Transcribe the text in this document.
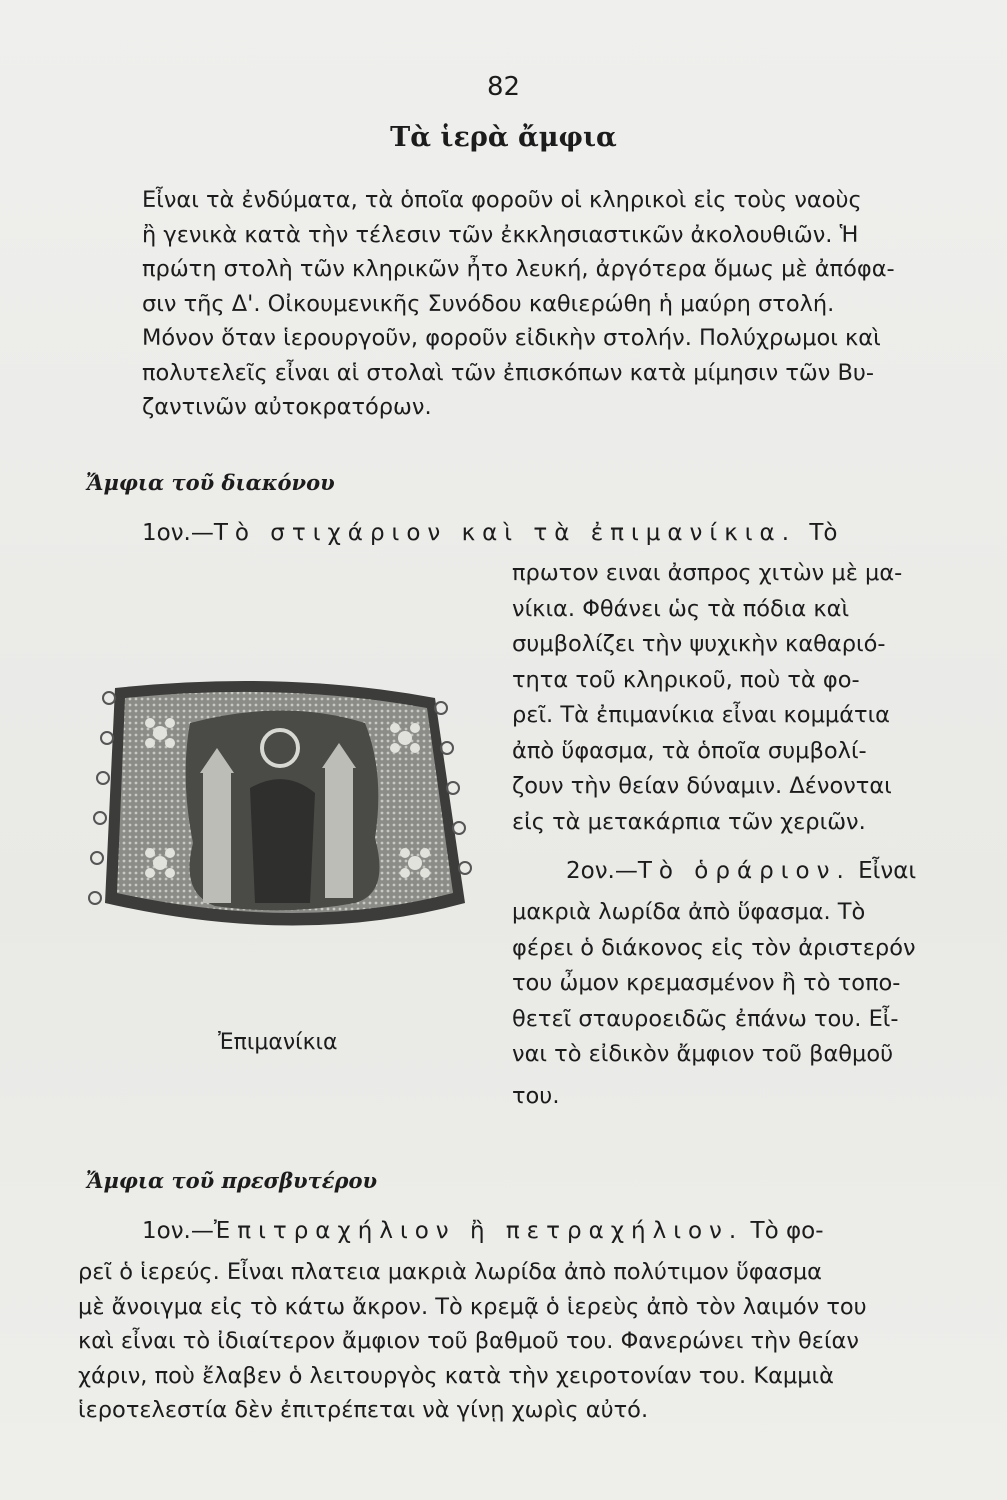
82
Τὰ ἱερὰ ἄμφια

Εἶναι τὰ ἐνδύματα, τὰ ὁποῖα φοροῦν οἱ κληρικοὶ εἰς τοὺς ναοὺς

ἢ γενικὰ κατὰ τὴν τέλεσιν τῶν ἐκκλησιαστικῶν ἀκολουθιῶν. Ἡ

πρώτη στολὴ τῶν κληρικῶν ἦτο λευκή, ἀργότερα ὅμως μὲ ἀπόφα-

σιν τῆς Δ'. Οἰκουμενικῆς Συνόδου καθιερώθη ἡ μαύρη στολή.

Μόνον ὅταν ἱερουργοῦν, φοροῦν εἰδικὴν στολήν. Πολύχρωμοι καὶ

πολυτελεῖς εἶναι αἱ στολαὶ τῶν ἐπισκόπων κατὰ μίμησιν τῶν Βυ-

ζαντινῶν αὐτοκρατόρων.

Ἄμφια τοῦ διακόνου
1ον.—Τὸ στιχάριον καὶ τὰ ἐπιμανίκια. Τὸ

πρωτον ειναι ἀσπρος χιτὼν μὲ μα-

νίκια. Φθάνει ὡς τὰ πόδια καὶ

συμβολίζει τὴν ψυχικὴν καθαριό-

τητα τοῦ κληρικοῦ, ποὺ τὰ φο-

ρεῖ. Τὰ ἐπιμανίκια εἶναι κομμάτια

ἀπὸ ὕφασμα, τὰ ὁποῖα συμβολί-

ζουν τὴν θείαν δύναμιν. Δένονται

εἰς τὰ μετακάρπια τῶν χεριῶν.

2ον.—Τὸ ὁράριον. Εἶναι

μακριὰ λωρίδα ἀπὸ ὕφασμα. Τὸ

φέρει ὁ διάκονος εἰς τὸν ἀριστερόν

του ὦμον κρεμασμένον ἢ τὸ τοπο-

θετεῖ σταυροειδῶς ἐπάνω του. Εἶ-

ναι τὸ εἰδικὸν ἄμφιον τοῦ βαθμοῦ

του.

Ἐπιμανίκια
Ἄμφια τοῦ πρεσβυτέρου
1ον.—Ἐπιτραχήλιον ἢ πετραχήλιον. Τὸ φο-

ρεῖ ὁ ἱερεύς. Εἶναι πλατεια μακριὰ λωρίδα ἀπὸ πολύτιμον ὕφασμα

μὲ ἄνοιγμα εἰς τὸ κάτω ἄκρον. Τὸ κρεμᾷ ὁ ἱερεὺς ἀπὸ τὸν λαιμόν του

καὶ εἶναι τὸ ἰδιαίτερον ἄμφιον τοῦ βαθμοῦ του. Φανερώνει τὴν θείαν

χάριν, ποὺ ἔλαβεν ὁ λειτουργὸς κατὰ τὴν χειροτονίαν του. Καμμιὰ

ἱεροτελεστία δὲν ἐπιτρέπεται νὰ γίνῃ χωρὶς αὐτό.
